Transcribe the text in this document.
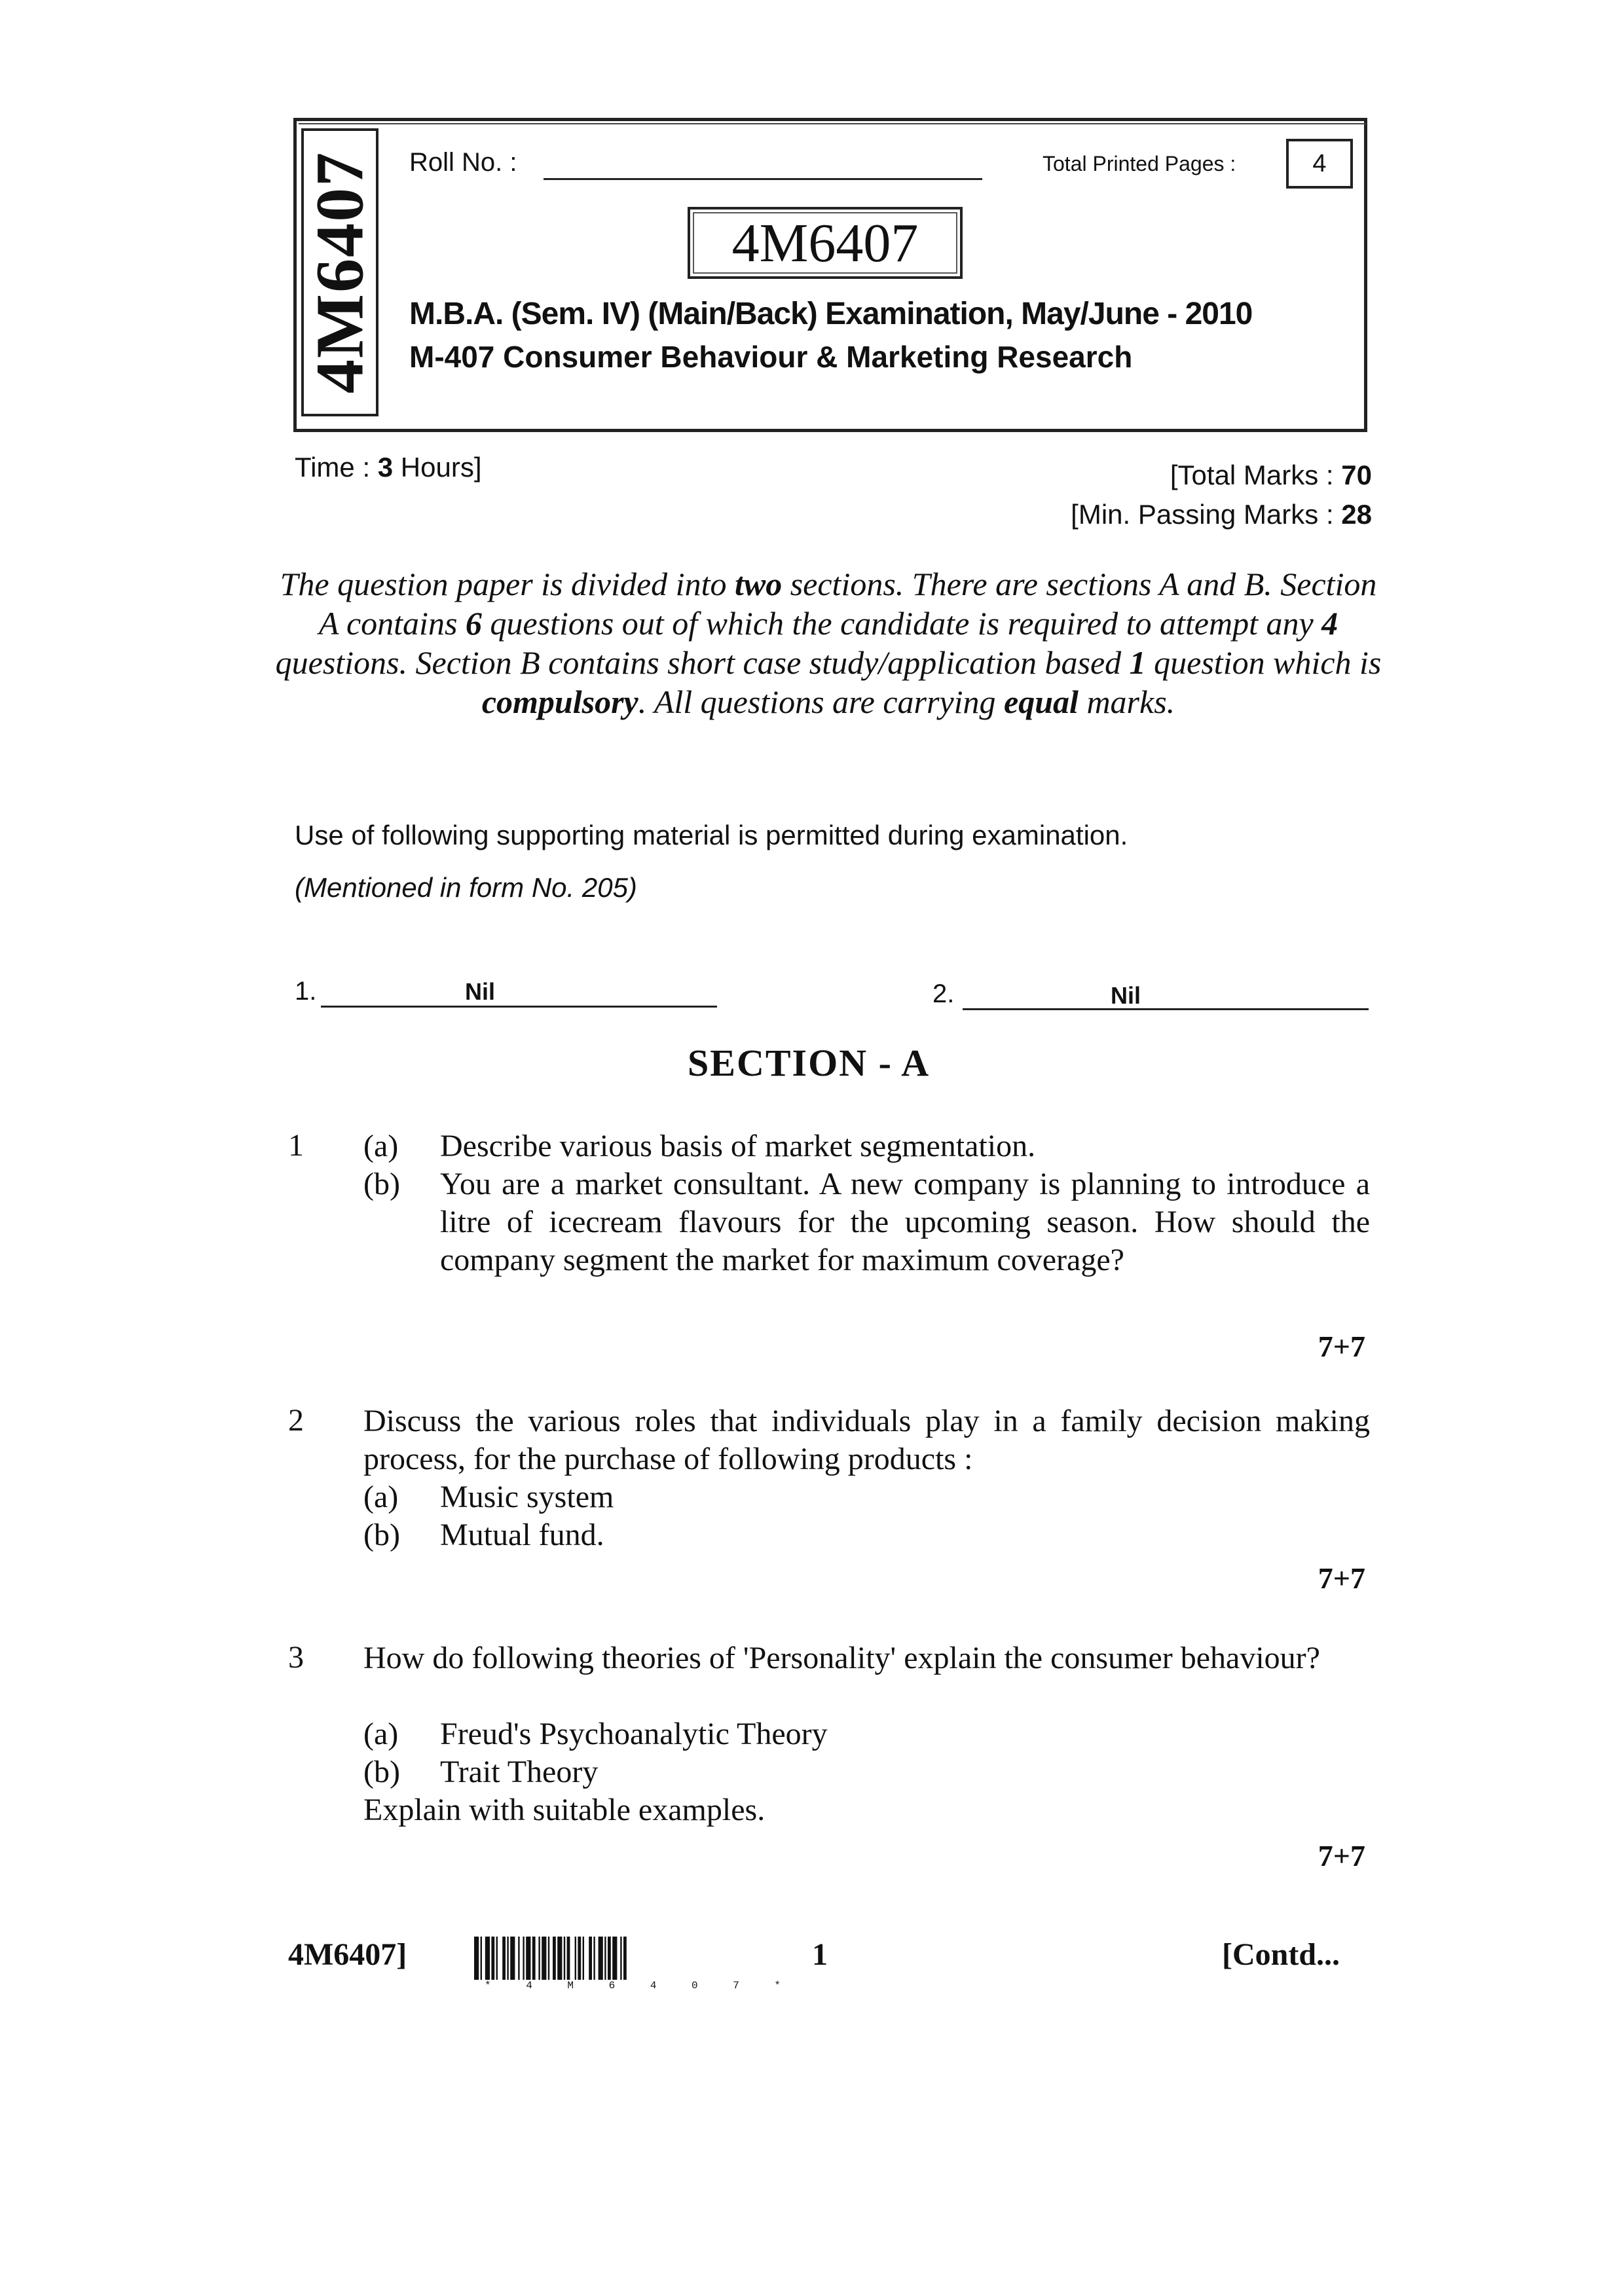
4M6407 Roll No. :	Total Printed Pages :	4
4M6407
M.B.A. (Sem. IV) (Main/Back) Examination, May/June - 2010
M-407 Consumer Behaviour & Marketing Research
Time : 3 Hours]	[Total Marks : 70
[Min. Passing Marks : 28
The question paper is divided into two sections. There are sections A and B. Section A contains 6 questions out of which the candidate is required to attempt any 4 questions. Section B contains short case study/application based 1 question which is compulsory. All questions are carrying equal marks.
Use of following supporting material is permitted during examination.
(Mentioned in form No. 205)
1.	Nil	2.	Nil
SECTION - A
1 (a) Describe various basis of market segmentation.
(b) You are a market consultant. A new company is planning to introduce a litre of icecream flavours for the upcoming season. How should the company segment the market for maximum coverage?
7+7
2 Discuss the various roles that individuals play in a family decision making process, for the purchase of following products :
(a) Music system
(b) Mutual fund.
7+7
3 How do following theories of 'Personality' explain the consumer behaviour?
(a) Freud's Psychoanalytic Theory
(b) Trait Theory
Explain with suitable examples.
7+7
4M6407]
* 4 M 6 4 0 7 *
1	[Contd...
